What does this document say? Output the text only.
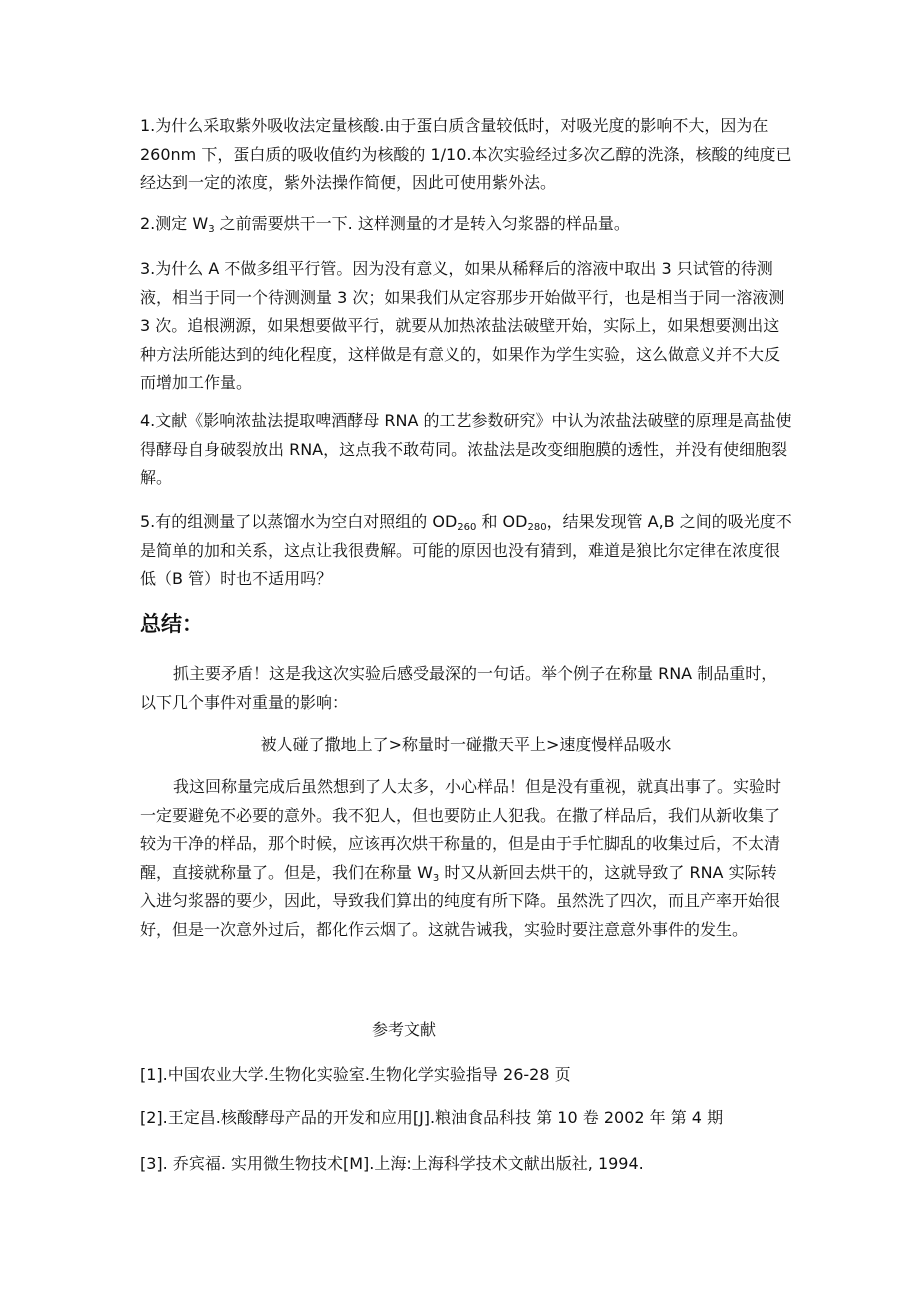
1.为什么采取紫外吸收法定量核酸.由于蛋白质含量较低时，对吸光度的影响不大，因为在260nm 下，蛋白质的吸收值约为核酸的 1/10.本次实验经过多次乙醇的洗涤，核酸的纯度已经达到一定的浓度，紫外法操作简便，因此可使用紫外法。

2.测定 $W_3$ 之前需要烘干一下. 这样测量的才是转入匀浆器的样品量。

3.为什么 A 不做多组平行管。因为没有意义，如果从稀释后的溶液中取出 3 只试管的待测液，相当于同一个待测测量 3 次；如果我们从定容那步开始做平行，也是相当于同一溶液测 3 次。追根溯源，如果想要做平行，就要从加热浓盐法破壁开始，实际上，如果想要测出这种方法所能达到的纯化程度，这样做是有意义的，如果作为学生实验，这么做意义并不大反而增加工作量。

4.文献《影响浓盐法提取啤酒酵母 RNA 的工艺参数研究》中认为浓盐法破壁的原理是高盐使得酵母自身破裂放出 RNA，这点我不敢苟同。浓盐法是改变细胞膜的透性，并没有使细胞裂解。

5.有的组测量了以蒸馏水为空白对照组的 $OD_{260}$ 和 $OD_{280}$，结果发现管 A,B 之间的吸光度不是简单的加和关系，这点让我很费解。可能的原因也没有猜到，难道是狼比尔定律在浓度很低（B 管）时也不适用吗？

总结：

抓主要矛盾！这是我这次实验后感受最深的一句话。举个例子在称量 RNA 制品重时，以下几个事件对重量的影响：

被人碰了撒地上了>称量时一碰撒天平上>速度慢样品吸水

我这回称量完成后虽然想到了人太多，小心样品！但是没有重视，就真出事了。实验时一定要避免不必要的意外。我不犯人，但也要防止人犯我。在撒了样品后，我们从新收集了较为干净的样品，那个时候，应该再次烘干称量的，但是由于手忙脚乱的收集过后，不太清醒，直接就称量了。但是，我们在称量 $W_3$ 时又从新回去烘干的，这就导致了 RNA 实际转入进匀浆器的要少，因此，导致我们算出的纯度有所下降。虽然洗了四次，而且产率开始很好，但是一次意外过后，都化作云烟了。这就告诫我，实验时要注意意外事件的发生。

参考文献

[1].中国农业大学.生物化实验室.生物化学实验指导 26-28 页

[2].王定昌.核酸酵母产品的开发和应用[J].粮油食品科技 第 10 卷 2002 年 第 4 期

[3]. 乔宾福. 实用微生物技术[M].上海:上海科学技术文献出版社, 1994.
